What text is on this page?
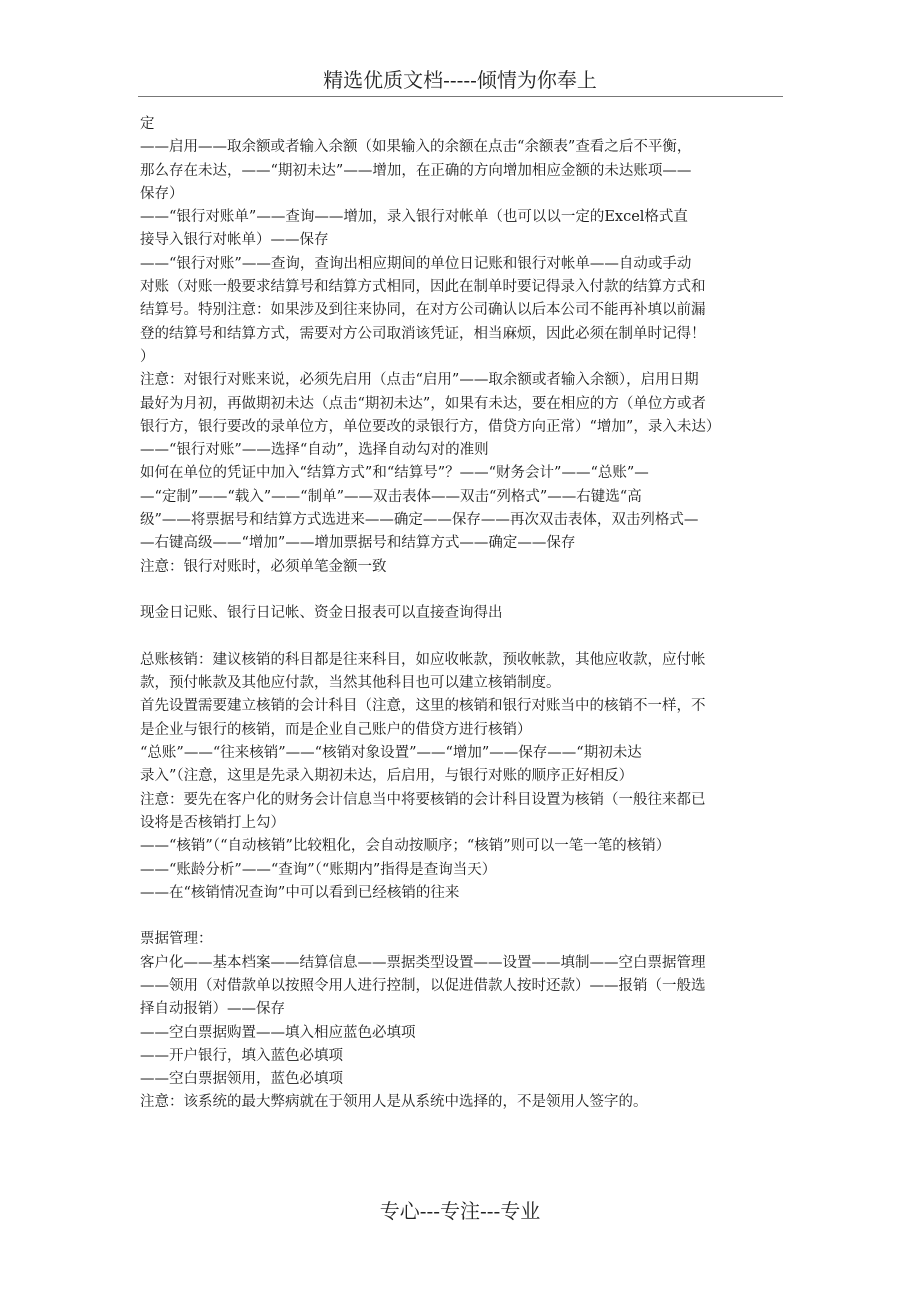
精选优质文档-----倾情为你奉上
定
——启用——取余额或者输入余额（如果输入的余额在点击“余额表”查看之后不平衡，
那么存在未达，——“期初未达”——增加，在正确的方向增加相应金额的未达账项——
保存）
——“银行对账单”——查询——增加，录入银行对帐单（也可以以一定的Excel格式直
接导入银行对帐单）——保存
——“银行对账”——查询，查询出相应期间的单位日记账和银行对帐单——自动或手动
对账（对账一般要求结算号和结算方式相同，因此在制单时要记得录入付款的结算方式和
结算号。特别注意：如果涉及到往来协同，在对方公司确认以后本公司不能再补填以前漏
登的结算号和结算方式，需要对方公司取消该凭证，相当麻烦，因此必须在制单时记得！
）
注意：对银行对账来说，必须先启用（点击“启用”——取余额或者输入余额），启用日期
最好为月初，再做期初未达（点击“期初未达”，如果有未达，要在相应的方（单位方或者
银行方，银行要改的录单位方，单位要改的录银行方，借贷方向正常）“增加”，录入未达）
——“银行对账”——选择“自动”，选择自动勾对的准则
如何在单位的凭证中加入“结算方式”和“结算号”？——“财务会计”——“总账”—
—“定制”——“载入”——“制单”——双击表体——双击“列格式”——右键选“高
级”——将票据号和结算方式选进来——确定——保存——再次双击表体，双击列格式—
—右键高级——“增加”——增加票据号和结算方式——确定——保存
注意：银行对账时，必须单笔金额一致
现金日记账、银行日记帐、资金日报表可以直接查询得出
总账核销：建议核销的科目都是往来科目，如应收帐款，预收帐款，其他应收款，应付帐
款，预付帐款及其他应付款，当然其他科目也可以建立核销制度。
首先设置需要建立核销的会计科目（注意，这里的核销和银行对账当中的核销不一样，不
是企业与银行的核销，而是企业自己账户的借贷方进行核销）
“总账”——“往来核销”——“核销对象设置”——“增加”——保存——“期初未达
录入”（注意，这里是先录入期初未达，后启用，与银行对账的顺序正好相反）
注意：要先在客户化的财务会计信息当中将要核销的会计科目设置为核销（一般往来都已
设将是否核销打上勾）
——“核销”（“自动核销”比较粗化，会自动按顺序；“核销”则可以一笔一笔的核销）
——“账龄分析”——“查询”（“账期内”指得是查询当天）
——在“核销情况查询”中可以看到已经核销的往来
票据管理：
客户化——基本档案——结算信息——票据类型设置——设置——填制——空白票据管理
——领用（对借款单以按照令用人进行控制，以促进借款人按时还款）——报销（一般选
择自动报销）——保存
——空白票据购置——填入相应蓝色必填项
——开户银行，填入蓝色必填项
——空白票据领用，蓝色必填项
注意：该系统的最大弊病就在于领用人是从系统中选择的，不是领用人签字的。
专心---专注---专业
